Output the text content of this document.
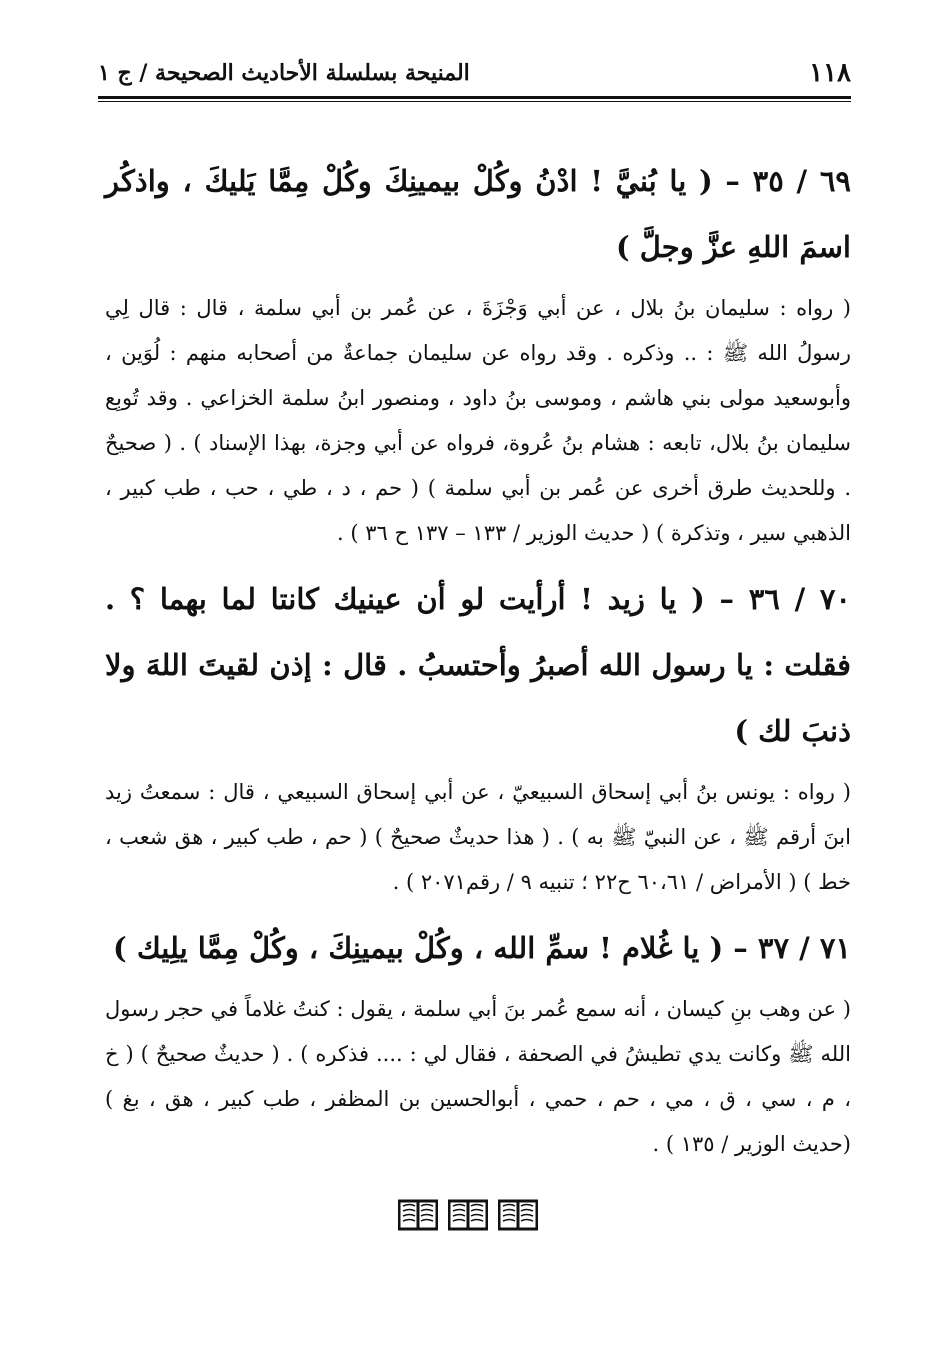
١١٨
المنيحة بسلسلة الأحاديث الصحيحة / ج ١

٦٩ / ٣٥ – ( يا بُنيَّ ! ادْنُ وكُلْ بيمينِكَ وكُلْ مِمَّا يَليكَ ، واذكُر اسمَ اللهِ عزَّ وجلَّ )

( رواه : سليمان بنُ بلال ، عن أبي وَجْزَةَ ، عن عُمر بن أبي سلمة ، قال : قال لِي رسولُ الله ﷺ : .. وذكره . وقد رواه عن سليمان جماعةٌ من أصحابه منهم : لُوَين ، وأبوسعيد مولى بني هاشم ، وموسى بنُ داود ، ومنصور ابنُ سلمة الخزاعي . وقد تُوبِع سليمان بنُ بلال، تابعه : هشام بنُ عُروة، فرواه عن أبي وجزة، بهذا الإسناد ) . ( صحيحٌ . وللحديث طرق أخرى عن عُمر بن أبي سلمة ) ( حم ، د ، طي ، حب ، طب كبير ، الذهبي سير ، وتذكرة ) ( حديث الوزير / ١٣٣ – ١٣٧ ح ٣٦ ) .

٧٠ / ٣٦ – ( يا زيد ! أرأيت لو أن عينيك كانتا لما بهما ؟ . فقلت : يا رسول الله أصبرُ وأحتسبُ . قال : إذن لقيتَ اللهَ ولا ذنبَ لك )

( رواه : يونس بنُ أبي إسحاق السبيعيّ ، عن أبي إسحاق السبيعي ، قال : سمعتُ زيد ابنَ أرقم ﷺ ، عن النبيّ ﷺ به ) . ( هذا حديثٌ صحيحٌ ) ( حم ، طب كبير ، هق شعب ، خط ) ( الأمراض / ٦٠،٦١ ح٢٢ ؛ تنبيه ٩ / رقم٢٠٧١ ) .

٧١ / ٣٧ – ( يا غُلام ! سمِّ الله ، وكُلْ بيمينِكَ ، وكُلْ مِمَّا يلِيك )

( عن وهب بنِ كيسان ، أنه سمع عُمر بنَ أبي سلمة ، يقول : كنتُ غلاماً في حجر رسول الله ﷺ وكانت يدي تطيشُ في الصحفة ، فقال لي : .... فذكره ) . ( حديثٌ صحيحٌ ) ( خ ، م ، سي ، ق ، مي ، حم ، حمي ، أبوالحسين بن المظفر ، طب كبير ، هق ، بغ ) (حديث الوزير / ١٣٥ ) .
